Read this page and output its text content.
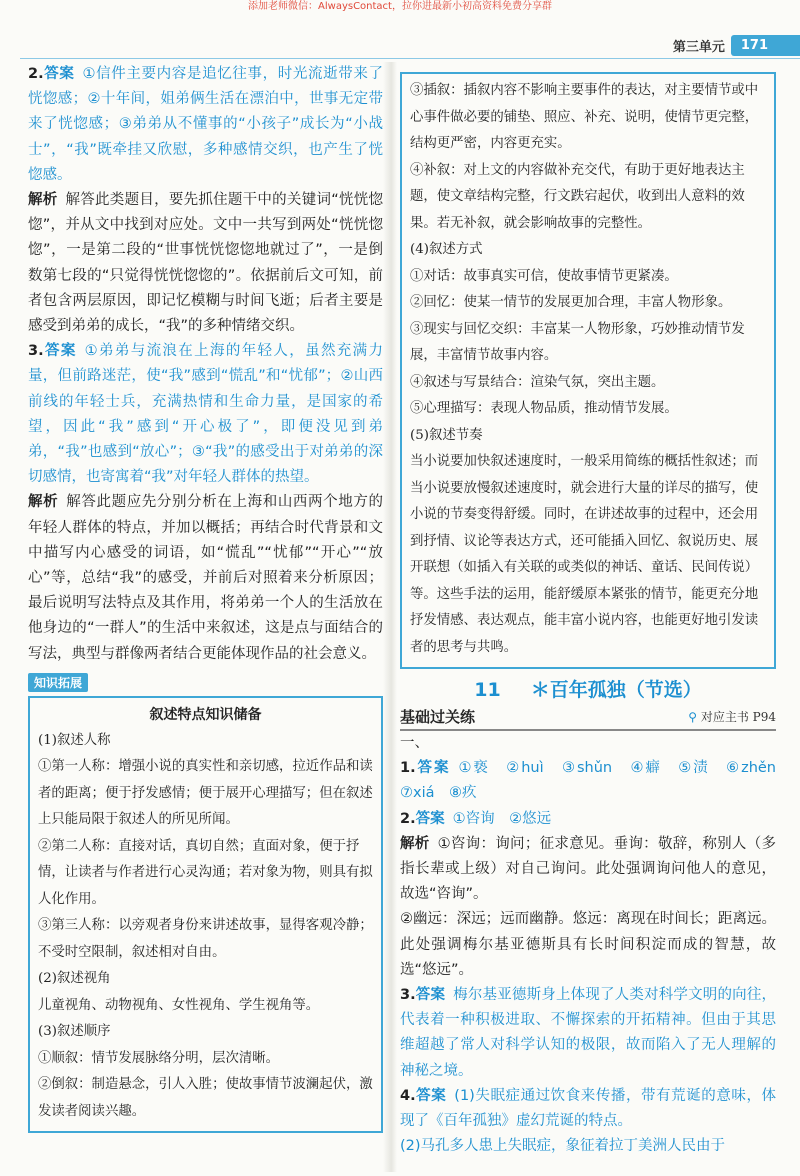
添加老师微信：AlwaysContact，拉你进最新小初高资料免费分享群
第三单元	171

2.答案 ①信件主要内容是追忆往事，时光流逝带来了恍惚感；②十年间，姐弟俩生活在漂泊中，世事无定带来了恍惚感；③弟弟从不懂事的“小孩子”成长为“小战士”，“我”既牵挂又欣慰，多种感情交织，也产生了恍惚感。

解析 解答此类题目，要先抓住题干中的关键词“恍恍惚惚”，并从文中找到对应处。文中一共写到两处“恍恍惚惚”，一是第二段的“世事恍恍惚惚地就过了”，一是倒数第七段的“只觉得恍恍惚惚的”。依据前后文可知，前者包含两层原因，即记忆模糊与时间飞逝；后者主要是感受到弟弟的成长，“我”的多种情绪交织。

3.答案 ①弟弟与流浪在上海的年轻人，虽然充满力量，但前路迷茫，使“我”感到“慌乱”和“忧郁”；②山西前线的年轻士兵，充满热情和生命力量，是国家的希望，因此“我”感到“开心极了”，即便没见到弟弟，“我”也感到“放心”；③“我”的感受出于对弟弟的深切感情，也寄寓着“我”对年轻人群体的热望。

解析 解答此题应先分别分析在上海和山西两个地方的年轻人群体的特点，并加以概括；再结合时代背景和文中描写内心感受的词语，如“慌乱”“忧郁”“开心”“放心”等，总结“我”的感受，并前后对照着来分析原因；最后说明写法特点及其作用，将弟弟一个人的生活放在他身边的“一群人”的生活中来叙述，这是点与面结合的写法，典型与群像两者结合更能体现作品的社会意义。

知识拓展
叙述特点知识储备

(1)叙述人称

①第一人称：增强小说的真实性和亲切感，拉近作品和读者的距离；便于抒发感情；便于展开心理描写；但在叙述上只能局限于叙述人的所见所闻。

②第二人称：直接对话，真切自然；直面对象，便于抒情，让读者与作者进行心灵沟通；若对象为物，则具有拟人化作用。

③第三人称：以旁观者身份来讲述故事，显得客观冷静；不受时空限制，叙述相对自由。

(2)叙述视角

儿童视角、动物视角、女性视角、学生视角等。

(3)叙述顺序

①顺叙：情节发展脉络分明，层次清晰。

②倒叙：制造悬念，引人入胜；使故事情节波澜起伏，激发读者阅读兴趣。

③插叙：插叙内容不影响主要事件的表达，对主要情节或中心事件做必要的铺垫、照应、补充、说明，使情节更完整，结构更严密，内容更充实。

④补叙：对上文的内容做补充交代，有助于更好地表达主题，使文章结构完整，行文跌宕起伏，收到出人意料的效果。若无补叙，就会影响故事的完整性。

(4)叙述方式

①对话：故事真实可信，使故事情节更紧凑。

②回忆：使某一情节的发展更加合理，丰富人物形象。

③现实与回忆交织：丰富某一人物形象，巧妙推动情节发展，丰富情节故事内容。

④叙述与写景结合：渲染气氛，突出主题。

⑤心理描写：表现人物品质，推动情节发展。

(5)叙述节奏

当小说要加快叙述速度时，一般采用简练的概括性叙述；而当小说要放慢叙述速度时，就会进行大量的详尽的描写，使小说的节奏变得舒缓。同时，在讲述故事的过程中，还会用到抒情、议论等表达方式，还可能插入回忆、叙说历史、展开联想（如插入有关联的或类似的神话、童话、民间传说）等。这些手法的运用，能舒缓原本紧张的情节，能更充分地抒发情感、表达观点，能丰富小说内容，也能更好地引发读者的思考与共鸣。

11 ＊百年孤独（节选）
基础过关练	⚲ 对应主书 P94

一、

1.答案 ①亵　②huì　③shǔn　④癖　⑤渍　⑥zhěn　⑦xiá　⑧疚

2.答案 ①咨询　②悠远

解析 ①咨询：询问；征求意见。垂询：敬辞，称别人（多指长辈或上级）对自己询问。此处强调询问他人的意见，故选“咨询”。

②幽远：深远；远而幽静。悠远：离现在时间长；距离远。此处强调梅尔基亚德斯具有长时间积淀而成的智慧，故选“悠远”。

3.答案 梅尔基亚德斯身上体现了人类对科学文明的向往，代表着一种积极进取、不懈探索的开拓精神。但由于其思维超越了常人对科学认知的极限，故而陷入了无人理解的神秘之境。

4.答案 (1)失眠症通过饮食来传播，带有荒诞的意味，体现了《百年孤独》虚幻荒诞的特点。

(2)马孔多人患上失眠症，象征着拉丁美洲人民由于
